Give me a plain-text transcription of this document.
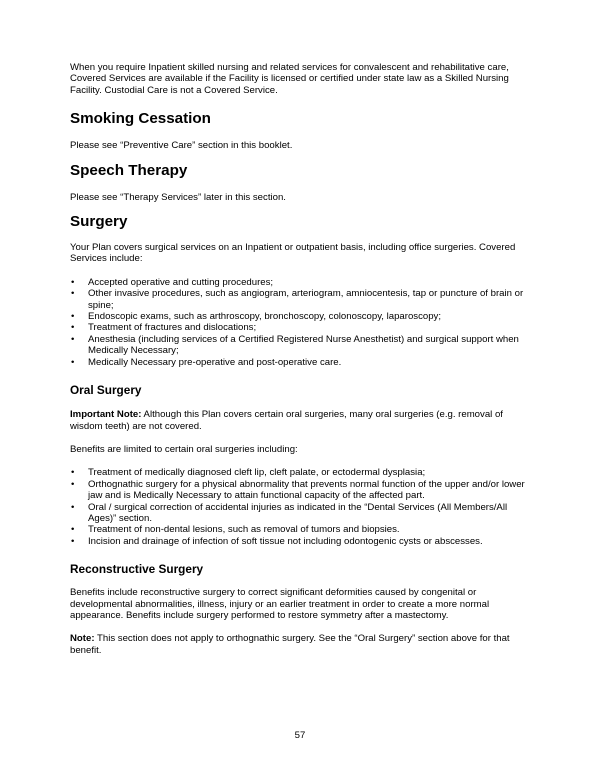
When you require Inpatient skilled nursing and related services for convalescent and rehabilitative care, Covered Services are available if the Facility is licensed or certified under state law as a Skilled Nursing Facility. Custodial Care is not a Covered Service.

Smoking Cessation

Please see “Preventive Care” section in this booklet.

Speech Therapy

Please see “Therapy Services” later in this section.

Surgery

Your Plan covers surgical services on an Inpatient or outpatient basis, including office surgeries. Covered Services include:

• Accepted operative and cutting procedures;
• Other invasive procedures, such as angiogram, arteriogram, amniocentesis, tap or puncture of brain or spine;
• Endoscopic exams, such as arthroscopy, bronchoscopy, colonoscopy, laparoscopy;
• Treatment of fractures and dislocations;
• Anesthesia (including services of a Certified Registered Nurse Anesthetist) and surgical support when Medically Necessary;
• Medically Necessary pre-operative and post-operative care.
Oral Surgery

Important Note: Although this Plan covers certain oral surgeries, many oral surgeries (e.g. removal of wisdom teeth) are not covered.

Benefits are limited to certain oral surgeries including:

• Treatment of medically diagnosed cleft lip, cleft palate, or ectodermal dysplasia;
• Orthognathic surgery for a physical abnormality that prevents normal function of the upper and/or lower jaw and is Medically Necessary to attain functional capacity of the affected part.
• Oral / surgical correction of accidental injuries as indicated in the “Dental Services (All Members/All Ages)” section.
• Treatment of non-dental lesions, such as removal of tumors and biopsies.
• Incision and drainage of infection of soft tissue not including odontogenic cysts or abscesses.
Reconstructive Surgery

Benefits include reconstructive surgery to correct significant deformities caused by congenital or developmental abnormalities, illness, injury or an earlier treatment in order to create a more normal appearance. Benefits include surgery performed to restore symmetry after a mastectomy.

Note: This section does not apply to orthognathic surgery. See the “Oral Surgery” section above for that benefit.

57
